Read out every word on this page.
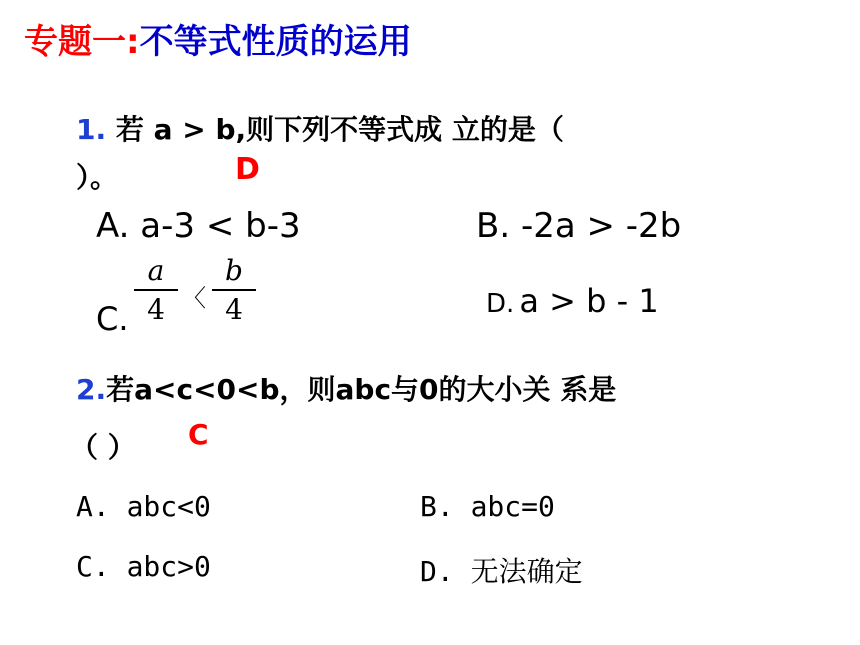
专题一:不等式性质的运用
1. 若 a > b,则下列不等式成 立的是（
）。	D
A. a-3 < b-3	B. -2a > -2b
C.
a
4 〈
b
4	D. a > b - 1
2.若a<c<0<b，则abc与0的大小关 系是
（ ） C
A. abc<0	B. abc=0
C. abc>0	D. 无法确定
